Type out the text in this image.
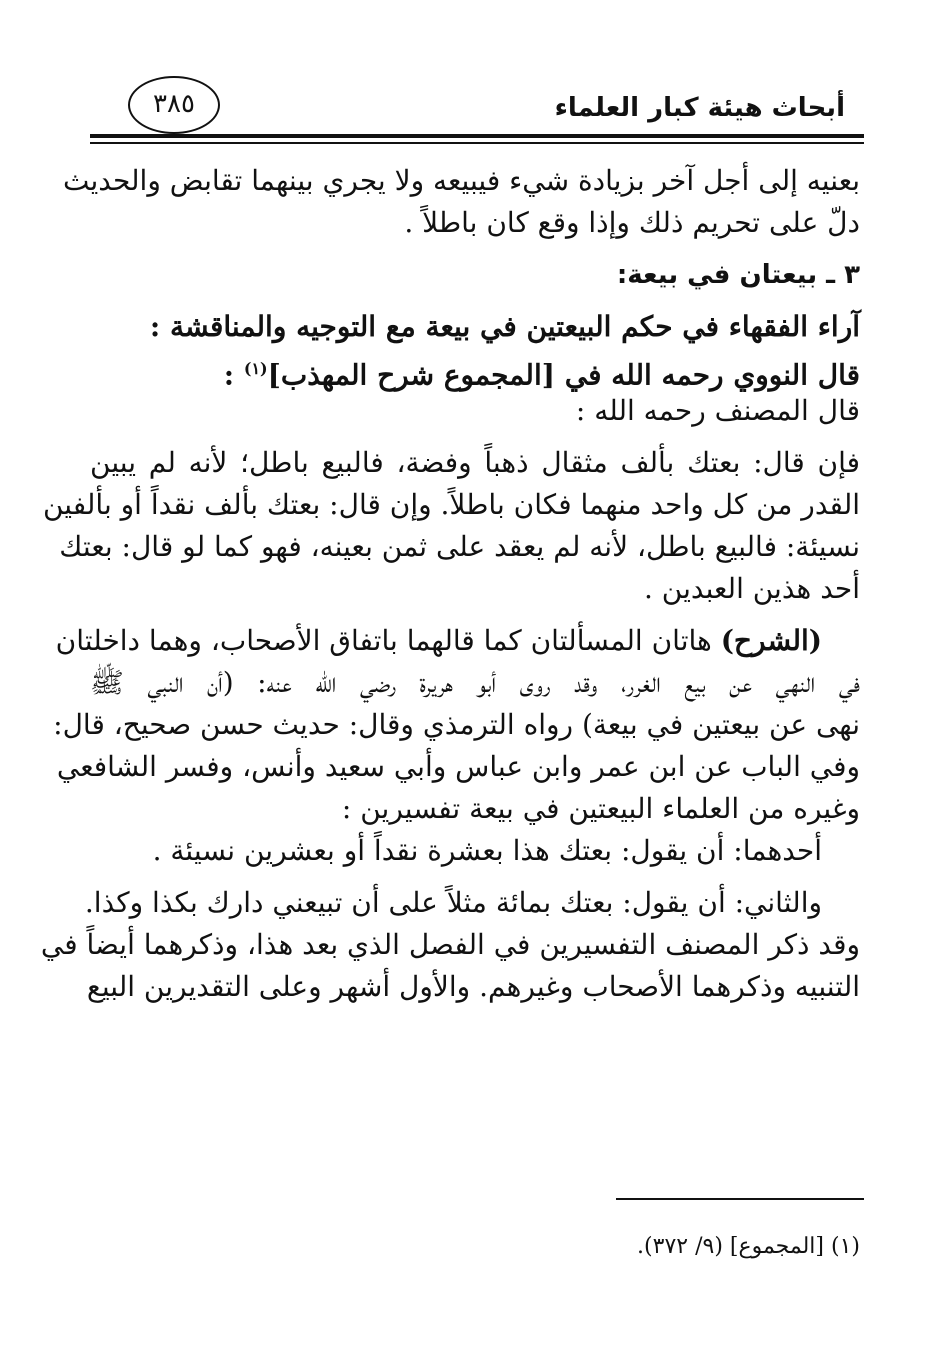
أبحاث هيئة كبار العلماء
٣٨٥
بعنيه إلى أجل آخر بزيادة شيء فيبيعه ولا يجري بينهما تقابض والحديث
دلّ على تحريم ذلك وإذا وقع كان باطلاً .
٣ ـ بيعتان في بيعة:
آراء الفقهاء في حكم البيعتين في بيعة مع التوجيه والمناقشة :
قال النووي رحمه الله في [المجموع شرح المهذب]$^{(١)}$ :
قال المصنف رحمه الله :
فإن قال: بعتك بألف مثقال ذهباً وفضة، فالبيع باطل؛ لأنه لم يبين
القدر من كل واحد منهما فكان باطلاً. وإن قال: بعتك بألف نقداً أو بألفين
نسيئة: فالبيع باطل، لأنه لم يعقد على ثمن بعينه، فهو كما لو قال: بعتك
أحد هذين العبدين .
(الشرح) هاتان المسألتان كما قالهما باتفاق الأصحاب، وهما داخلتان
في النهي عن بيع الغرر، وقد روى أبو هريرة رضي الله عنه: (أن النبي ﷺ
نهى عن بيعتين في بيعة) رواه الترمذي وقال: حديث حسن صحيح، قال:
وفي الباب عن ابن عمر وابن عباس وأبي سعيد وأنس، وفسر الشافعي
وغيره من العلماء البيعتين في بيعة تفسيرين :
أحدهما: أن يقول: بعتك هذا بعشرة نقداً أو بعشرين نسيئة .
والثاني: أن يقول: بعتك بمائة مثلاً على أن تبيعني دارك بكذا وكذا.
وقد ذكر المصنف التفسيرين في الفصل الذي بعد هذا، وذكرهما أيضاً في
التنبيه وذكرهما الأصحاب وغيرهم. والأول أشهر وعلى التقديرين البيع
(١) [المجموع] (٩/ ٣٧٢).
